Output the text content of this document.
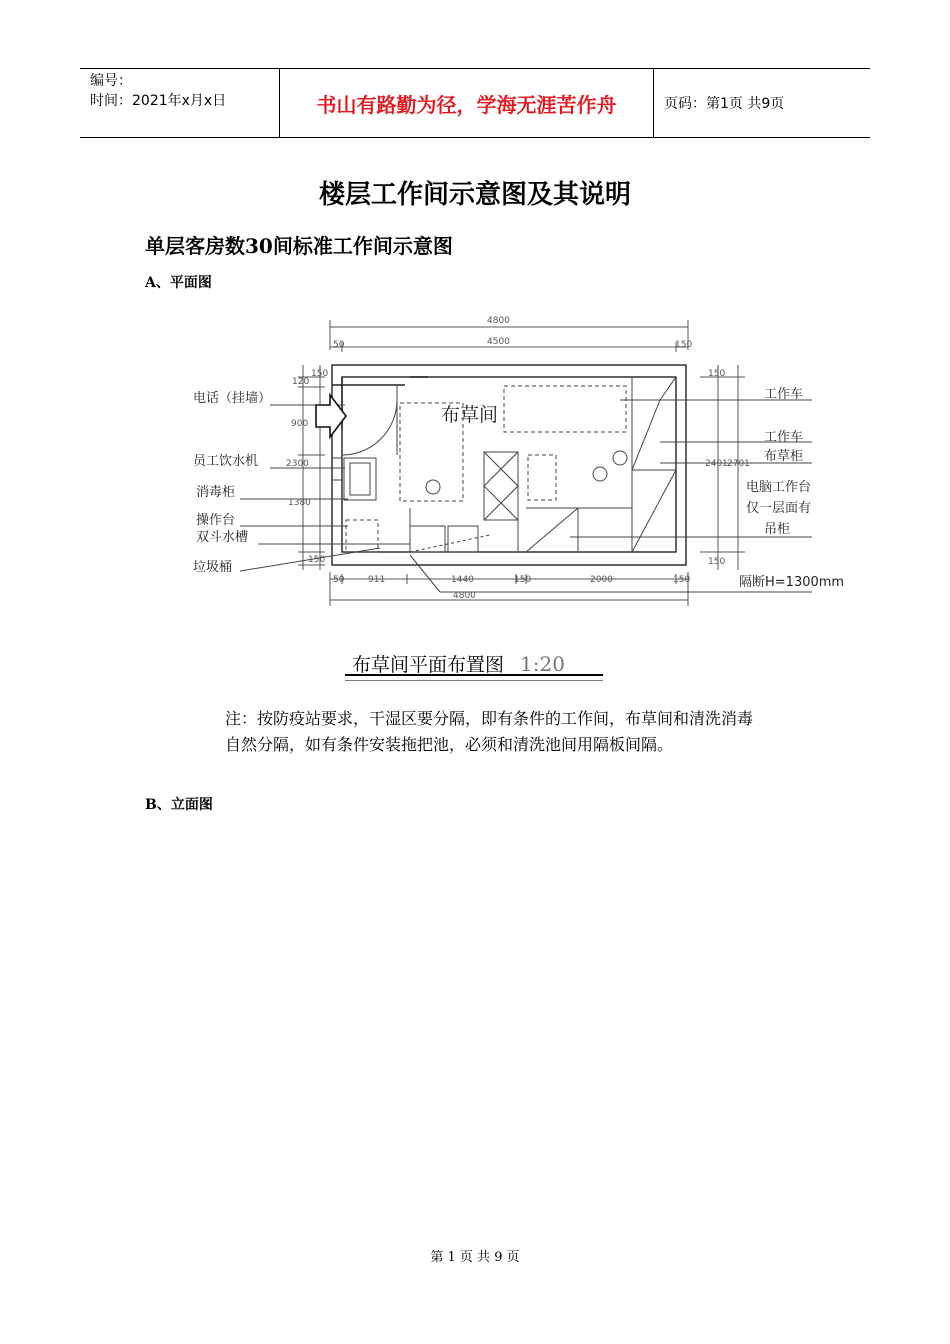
编号：
时间：2021年x月x日	书山有路勤为径，学海无涯苦作舟	页码：第1页 共9页
楼层工作间示意图及其说明
单层客房数30间标准工作间示意图
A、平面图
布草间
电话（挂墙）
员工饮水机
消毒柜
操作台
双斗水槽
垃圾桶
工作车
工作车
布草柜
电脑工作台
仅一层面有
吊柜
隔断H=1300mm
4800
4500
50	150
50	911	1440	150	2000	150
4800
120
150
900
2300
1380
150
150
2401 2701
150
布草间平面布置图 1:20
注：按防疫站要求，干湿区要分隔，即有条件的工作间，布草间和清洗消毒自然分隔，如有条件安装拖把池，必须和清洗池间用隔板间隔。
B、立面图
第 1 页 共 9 页
